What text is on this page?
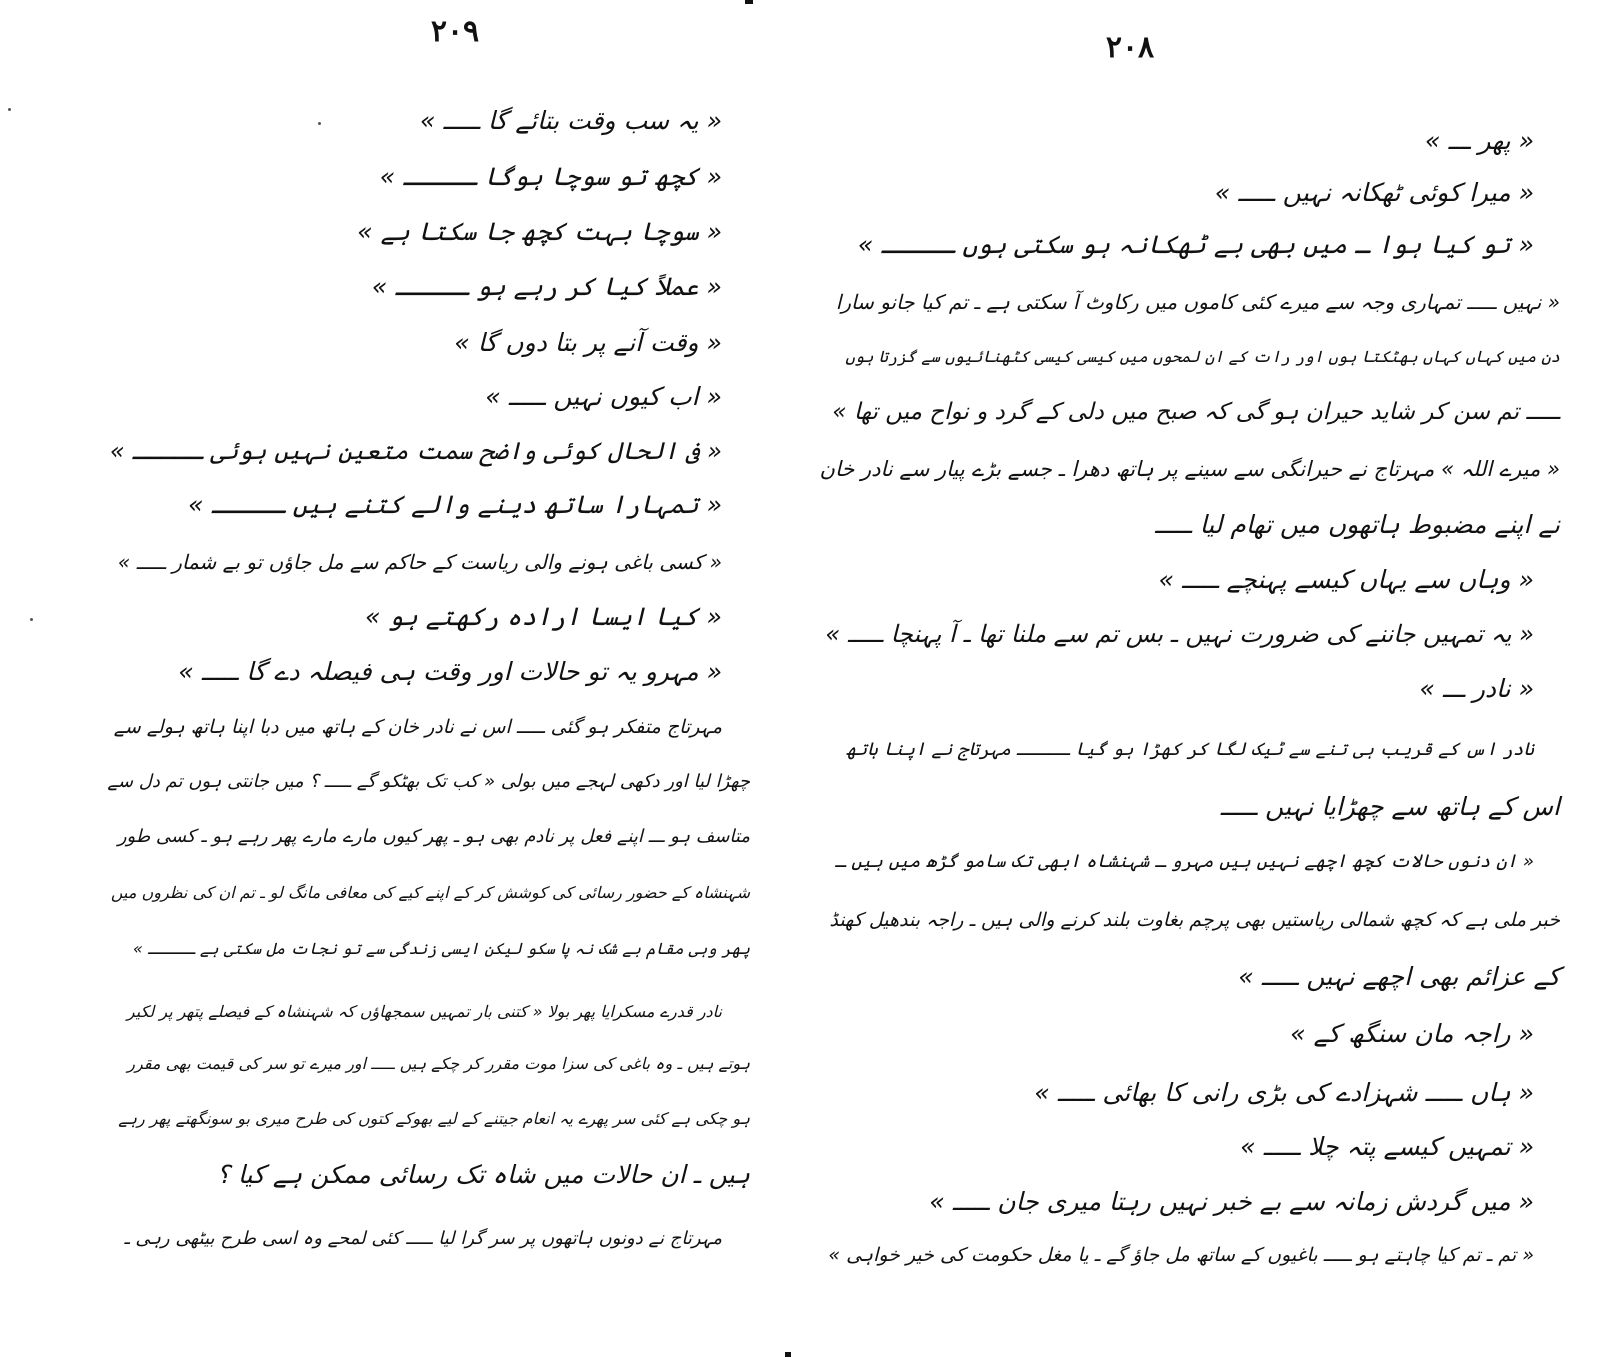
۲۰۹
« یہ سب وقت بتائے گا ـــــ »
« کچھ تو سوچا ہوگا ـــــ »
« سوچا بہت کچھ جا سکتا ہے »
« عملاً کیا کر رہے ہو ـــــ »
« وقت آنے پر بتا دوں گا »
« اب کیوں نہیں ـــــ »
« فی الحال کوئی واضح سمت متعین نہیں ہوئی ـــــ »
« تمہارا ساتھ دینے والے کتنے ہیں ـــــ »
« کسی باغی ہونے والی ریاست کے حاکم سے مل جاؤں تو بے شمار ـــــ »
« کیا ایسا ارادہ رکھتے ہو »
« مہرو یہ تو حالات اور وقت ہی فیصلہ دے گا ـــــ »
مہرتاج متفکر ہو گئی ـــــ اس نے نادر خان کے ہاتھ میں دبا اپنا ہاتھ ہولے سے
چھڑا لیا اور دکھی لہجے میں بولی « کب تک بھٹکو گے ـــــ ؟ میں جانتی ہوں تم دل سے
متاسف ہو ـــ اپنے فعل پر نادم بھی ہو ـ پھر کیوں مارے مارے پھر رہے ہو ـ کسی طور
شہنشاہ کے حضور رسائی کی کوشش کر کے اپنے کیے کی معافی مانگ لو ـ تم ان کی نظروں میں
پھر وہی مقام بے شک نہ پا سکو لیکن ایسی زندگی سے تو نجات مل سکتی ہے ـــــ »
نادر قدرے مسکرایا پھر بولا « کتنی بار تمہیں سمجھاؤں کہ شہنشاہ کے فیصلے پتھر پر لکیر
ہوتے ہیں ـ وہ باغی کی سزا موت مقرر کر چکے ہیں ـــــ اور میرے تو سر کی قیمت بھی مقرر
ہو چکی ہے کئی سر پھرے یہ انعام جیتنے کے لیے بھوکے کتوں کی طرح میری بو سونگھتے پھر رہے
ہیں ـ ان حالات میں شاہ تک رسائی ممکن ہے کیا ؟
مہرتاج نے دونوں ہاتھوں پر سر گرا لیا ـــــ کئی لمحے وہ اسی طرح بیٹھی رہی ـ
۲۰۸
« پھر ـــ »
« میرا کوئی ٹھکانہ نہیں ـــــ »
« تو کیا ہوا ـ میں بھی بے ٹھکانہ ہو سکتی ہوں ـــــ »
« نہیں ـــــ تمہاری وجہ سے میرے کئی کاموں میں رکاوٹ آ سکتی ہے ـ تم کیا جانو سارا
دن میں کہاں کہاں بھٹکتا ہوں اور رات کے ان لمحوں میں کیسی کیسی کٹھنائیوں سے گزرتا ہوں
ـــــ تم سن کر شاید حیران ہو گی کہ صبح میں دلی کے گرد و نواح میں تھا »
« میرے اللہ » مہرتاج نے حیرانگی سے سینے پر ہاتھ دھرا ـ جسے بڑے پیار سے نادر خان
نے اپنے مضبوط ہاتھوں میں تھام لیا ـــــ
« وہاں سے یہاں کیسے پہنچے ـــــ »
« یہ تمہیں جاننے کی ضرورت نہیں ـ بس تم سے ملنا تھا ـ آ پہنچا ـــــ »
« نادر ـــ »
نادر اس کے قریب ہی تنے سے ٹیک لگا کر کھڑا ہو گیا ـــــ مہرتاج نے اپنا ہاتھ
اس کے ہاتھ سے چھڑایا نہیں ـــــ
« ان دنوں حالات کچھ اچھے نہیں ہیں مہرو ـ شہنشاہ ابھی تک سامو گڑھ میں ہیں ـ
خبر ملی ہے کہ کچھ شمالی ریاستیں بھی پرچم بغاوت بلند کرنے والی ہیں ـ راجہ بندھیل کھنڈ
کے عزائم بھی اچھے نہیں ـــــ »
« راجہ مان سنگھ کے »
« ہاں ـــــ شہزادے کی بڑی رانی کا بھائی ـــــ »
« تمہیں کیسے پتہ چلا ـــــ »
« میں گردش زمانہ سے بے خبر نہیں رہتا میری جان ـــــ »
« تم ـ تم کیا چاہتے ہو ـــــ باغیوں کے ساتھ مل جاؤ گے ـ یا مغل حکومت کی خیر خواہی »
